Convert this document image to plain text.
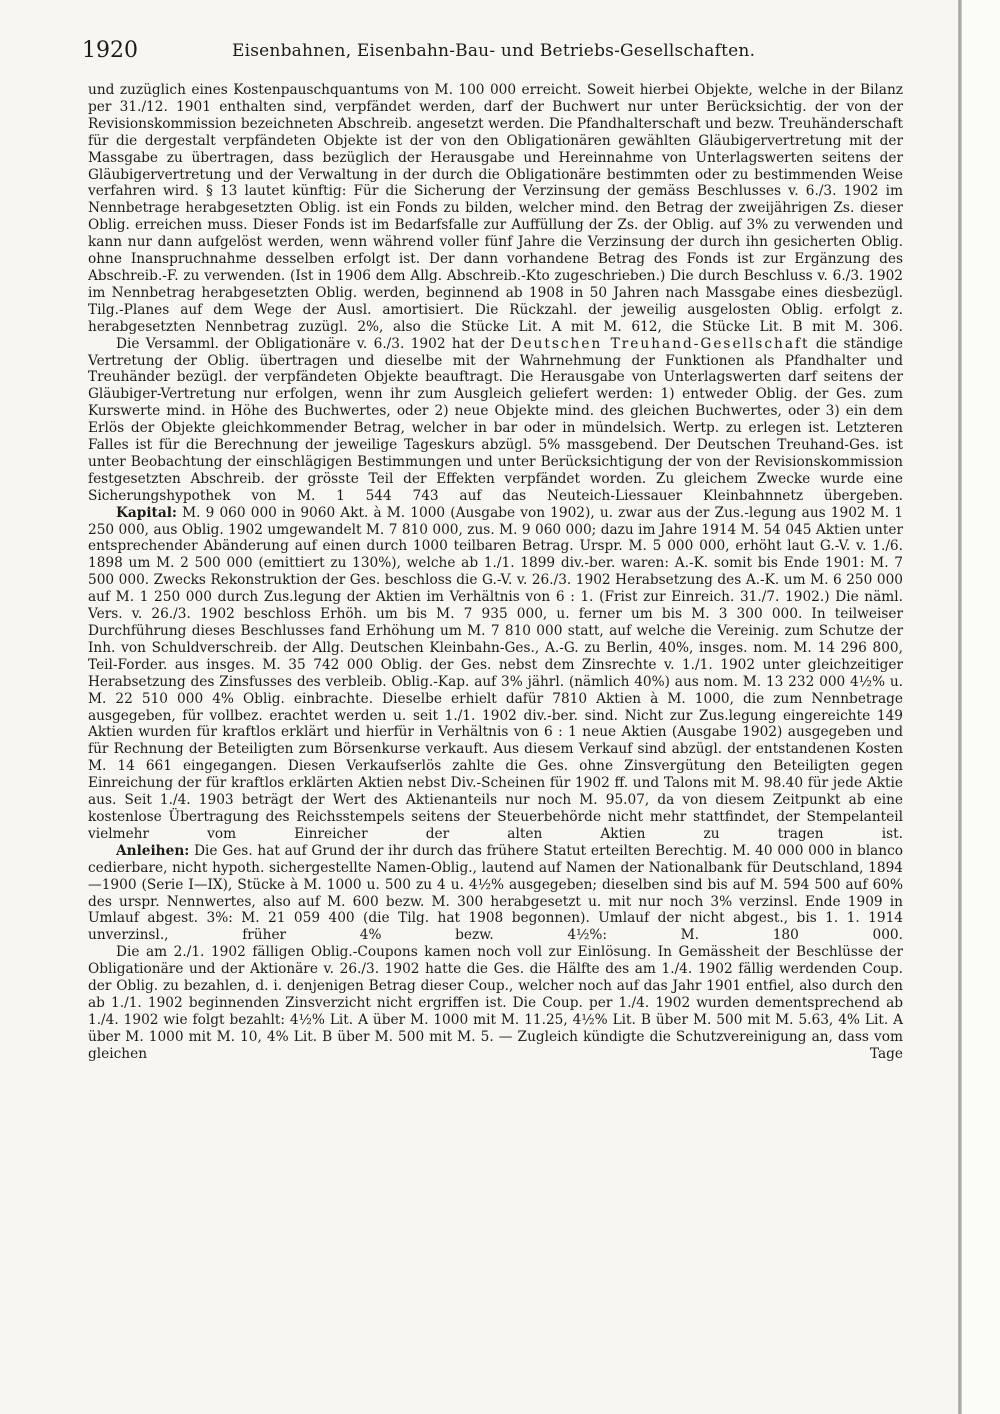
1920	Eisenbahnen, Eisenbahn-Bau- und Betriebs-Gesellschaften.

und zuzüglich eines Kostenpauschquantums von M. 100 000 erreicht. Soweit hierbei Objekte, welche in der Bilanz per 31./12. 1901 enthalten sind, verpfändet werden, darf der Buchwert nur unter Berücksichtig. der von der Revisionskommission bezeichneten Abschreib. angesetzt werden. Die Pfandhalterschaft und bezw. Treuhänderschaft für die dergestalt verpfändeten Objekte ist der von den Obligationären gewählten Gläubigervertretung mit der Massgabe zu übertragen, dass bezüglich der Herausgabe und Hereinnahme von Unterlagswerten seitens der Gläubigervertretung und der Verwaltung in der durch die Obligationäre bestimmten oder zu bestimmenden Weise verfahren wird. § 13 lautet künftig: Für die Sicherung der Verzinsung der gemäss Beschlusses v. 6./3. 1902 im Nennbetrage herabgesetzten Oblig. ist ein Fonds zu bilden, welcher mind. den Betrag der zweijährigen Zs. dieser Oblig. erreichen muss. Dieser Fonds ist im Bedarfsfalle zur Auffüllung der Zs. der Oblig. auf 3% zu verwenden und kann nur dann aufgelöst werden, wenn während voller fünf Jahre die Verzinsung der durch ihn gesicherten Oblig. ohne Inanspruchnahme desselben erfolgt ist. Der dann vorhandene Betrag des Fonds ist zur Ergänzung des Abschreib.-F. zu verwenden. (Ist in 1906 dem Allg. Abschreib.-Kto zugeschrieben.) Die durch Beschluss v. 6./3. 1902 im Nennbetrag herabgesetzten Oblig. werden, beginnend ab 1908 in 50 Jahren nach Massgabe eines diesbezügl. Tilg.-Planes auf dem Wege der Ausl. amortisiert. Die Rückzahl. der jeweilig ausgelosten Oblig. erfolgt z. herabgesetzten Nennbetrag zuzügl. 2%, also die Stücke Lit. A mit M. 612, die Stücke Lit. B mit M. 306.

Die Versamml. der Obligationäre v. 6./3. 1902 hat der Deutschen Treuhand-Gesellschaft die ständige Vertretung der Oblig. übertragen und dieselbe mit der Wahrnehmung der Funktionen als Pfandhalter und Treuhänder bezügl. der verpfändeten Objekte beauftragt. Die Herausgabe von Unterlagswerten darf seitens der Gläubiger-Vertretung nur erfolgen, wenn ihr zum Ausgleich geliefert werden: 1) entweder Oblig. der Ges. zum Kurswerte mind. in Höhe des Buchwertes, oder 2) neue Objekte mind. des gleichen Buchwertes, oder 3) ein dem Erlös der Objekte gleichkommender Betrag, welcher in bar oder in mündelsich. Wertp. zu erlegen ist. Letzteren Falles ist für die Berechnung der jeweilige Tageskurs abzügl. 5% massgebend. Der Deutschen Treuhand-Ges. ist unter Beobachtung der einschlägigen Bestimmungen und unter Berücksichtigung der von der Revisionskommission festgesetzten Abschreib. der grösste Teil der Effekten verpfändet worden. Zu gleichem Zwecke wurde eine Sicherungshypothek von M. 1 544 743 auf das Neuteich-Liessauer Kleinbahnnetz übergeben.

Kapital: M. 9 060 000 in 9060 Akt. à M. 1000 (Ausgabe von 1902), u. zwar aus der Zus.-legung aus 1902 M. 1 250 000, aus Oblig. 1902 umgewandelt M. 7 810 000, zus. M. 9 060 000; dazu im Jahre 1914 M. 54 045 Aktien unter entsprechender Abänderung auf einen durch 1000 teilbaren Betrag. Urspr. M. 5 000 000, erhöht laut G.-V. v. 1./6. 1898 um M. 2 500 000 (emittiert zu 130%), welche ab 1./1. 1899 div.-ber. waren: A.-K. somit bis Ende 1901: M. 7 500 000. Zwecks Rekonstruktion der Ges. beschloss die G.-V. v. 26./3. 1902 Herabsetzung des A.-K. um M. 6 250 000 auf M. 1 250 000 durch Zus.legung der Aktien im Verhältnis von 6 : 1. (Frist zur Einreich. 31./7. 1902.) Die näml. Vers. v. 26./3. 1902 beschloss Erhöh. um bis M. 7 935 000, u. ferner um bis M. 3 300 000. In teilweiser Durchführung dieses Beschlusses fand Erhöhung um M. 7 810 000 statt, auf welche die Vereinig. zum Schutze der Inh. von Schuldverschreib. der Allg. Deutschen Kleinbahn-Ges., A.-G. zu Berlin, 40%, insges. nom. M. 14 296 800, Teil-Forder. aus insges. M. 35 742 000 Oblig. der Ges. nebst dem Zinsrechte v. 1./1. 1902 unter gleichzeitiger Herabsetzung des Zinsfusses des verbleib. Oblig.-Kap. auf 3% jährl. (nämlich 40%) aus nom. M. 13 232 000 4½% u. M. 22 510 000 4% Oblig. einbrachte. Dieselbe erhielt dafür 7810 Aktien à M. 1000, die zum Nennbetrage ausgegeben, für vollbez. erachtet werden u. seit 1./1. 1902 div.-ber. sind. Nicht zur Zus.legung eingereichte 149 Aktien wurden für kraftlos erklärt und hierfür in Verhältnis von 6 : 1 neue Aktien (Ausgabe 1902) ausgegeben und für Rechnung der Beteiligten zum Börsenkurse verkauft. Aus diesem Verkauf sind abzügl. der entstandenen Kosten M. 14 661 eingegangen. Diesen Verkaufserlös zahlte die Ges. ohne Zinsvergütung den Beteiligten gegen Einreichung der für kraftlos erklärten Aktien nebst Div.-Scheinen für 1902 ff. und Talons mit M. 98.40 für jede Aktie aus. Seit 1./4. 1903 beträgt der Wert des Aktienanteils nur noch M. 95.07, da von diesem Zeitpunkt ab eine kostenlose Übertragung des Reichsstempels seitens der Steuerbehörde nicht mehr stattfindet, der Stempelanteil vielmehr vom Einreicher der alten Aktien zu tragen ist.

Anleihen: Die Ges. hat auf Grund der ihr durch das frühere Statut erteilten Berechtig. M. 40 000 000 in blanco cedierbare, nicht hypoth. sichergestellte Namen-Oblig., lautend auf Namen der Nationalbank für Deutschland, 1894—1900 (Serie I—IX), Stücke à M. 1000 u. 500 zu 4 u. 4½% ausgegeben; dieselben sind bis auf M. 594 500 auf 60% des urspr. Nennwertes, also auf M. 600 bezw. M. 300 herabgesetzt u. mit nur noch 3% verzinsl. Ende 1909 in Umlauf abgest. 3%: M. 21 059 400 (die Tilg. hat 1908 begonnen). Umlauf der nicht abgest., bis 1. 1. 1914 unverzinsl., früher 4% bezw. 4½%: M. 180 000.

Die am 2./1. 1902 fälligen Oblig.-Coupons kamen noch voll zur Einlösung. In Gemässheit der Beschlüsse der Obligationäre und der Aktionäre v. 26./3. 1902 hatte die Ges. die Hälfte des am 1./4. 1902 fällig werdenden Coup. der Oblig. zu bezahlen, d. i. denjenigen Betrag dieser Coup., welcher noch auf das Jahr 1901 entfiel, also durch den ab 1./1. 1902 beginnenden Zinsverzicht nicht ergriffen ist. Die Coup. per 1./4. 1902 wurden dementsprechend ab 1./4. 1902 wie folgt bezahlt: 4½% Lit. A über M. 1000 mit M. 11.25, 4½% Lit. B über M. 500 mit M. 5.63, 4% Lit. A über M. 1000 mit M. 10, 4% Lit. B über M. 500 mit M. 5. — Zugleich kündigte die Schutzvereinigung an, dass vom gleichen Tage
